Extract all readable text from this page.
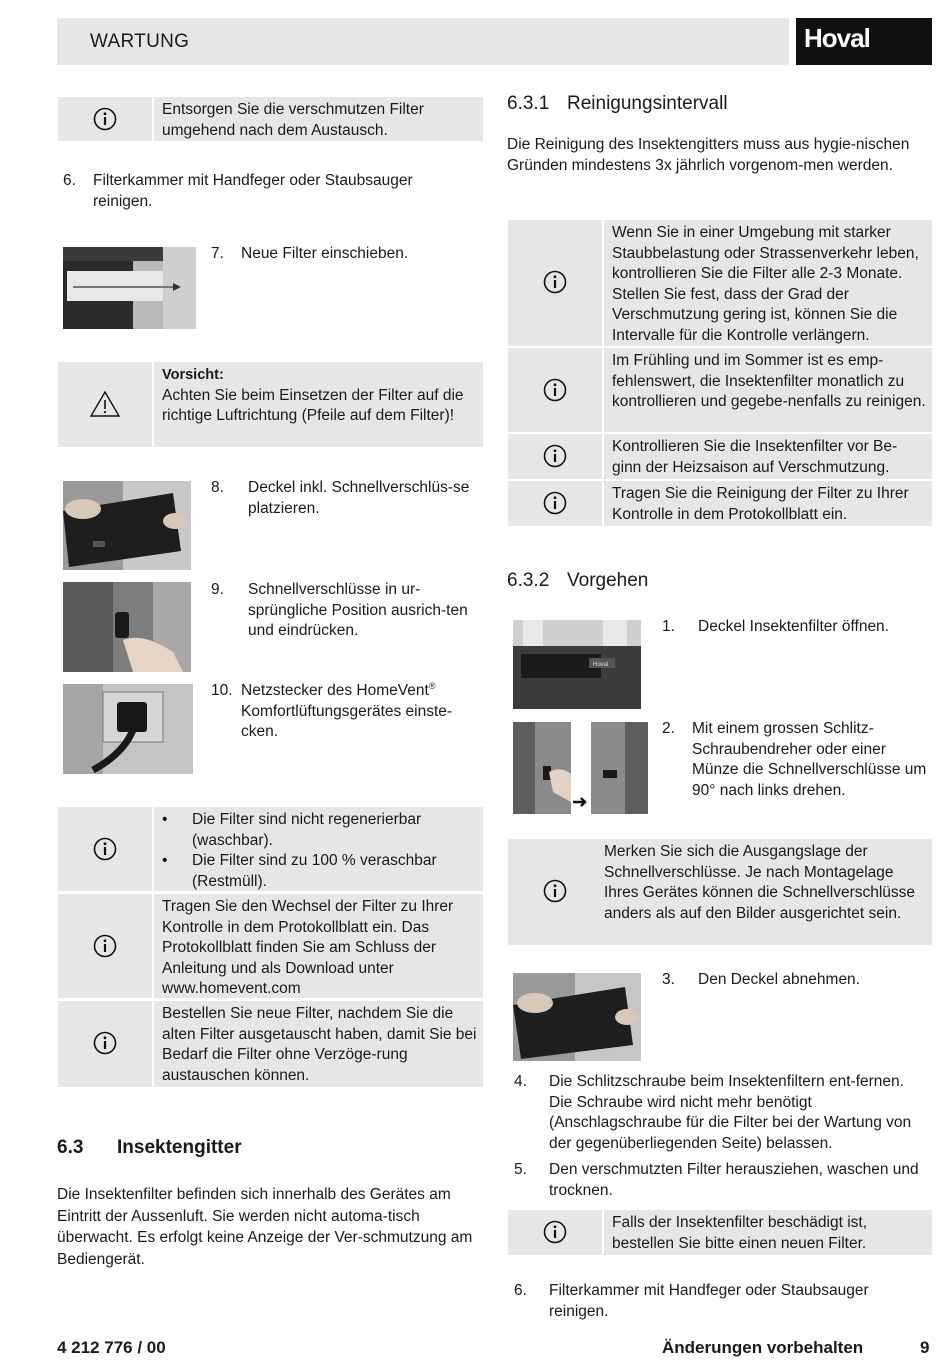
WARTUNG	Hoval
Entsorgen Sie die verschmutzen Filter umgehend nach dem Austausch.
6.	Filterkammer mit Handfeger oder Staubsauger reinigen.
7.	Neue Filter einschieben.
Vorsicht:
Achten Sie beim Einsetzen der Filter auf die richtige Luftrichtung (Pfeile auf dem Filter)!
8.	Deckel inkl. Schnellverschlüs-se platzieren.
9.	Schnellverschlüsse in ur-sprüngliche Position ausrich-ten und eindrücken.
10. Netzstecker des HomeVent®
Komfortlüftungsgerätes einste-cken.
• Die Filter sind nicht regenerierbar (waschbar).
• Die Filter sind zu 100 % veraschbar (Restmüll).
Tragen Sie den Wechsel der Filter zu Ihrer Kontrolle in dem Protokollblatt ein. Das Protokollblatt finden Sie am Schluss der Anleitung und als Download unter www.homevent.com
Bestellen Sie neue Filter, nachdem Sie die alten Filter ausgetauscht haben, damit Sie bei Bedarf die Filter ohne Verzöge-rung austauschen können.
6.3 Insektengitter
Die Insektenfilter befinden sich innerhalb des Gerätes am Eintritt der Aussenluft. Sie werden nicht automa-tisch überwacht. Es erfolgt keine Anzeige der Ver-schmutzung am Bediengerät.
6.3.1 Reinigungsintervall
Die Reinigung des Insektengitters muss aus hygie-nischen Gründen mindestens 3x jährlich vorgenom-men werden.
Wenn Sie in einer Umgebung mit starker Staubbelastung oder Strassenverkehr leben, kontrollieren Sie die Filter alle 2-3 Monate. Stellen Sie fest, dass der Grad der Verschmutzung gering ist, können Sie die Intervalle für die Kontrolle verlängern.
Im Frühling und im Sommer ist es emp-fehlenswert, die Insektenfilter monatlich zu kontrollieren und gegebe-nenfalls zu reinigen.
Kontrollieren Sie die Insektenfilter vor Be-ginn der Heizsaison auf Verschmutzung.
Tragen Sie die Reinigung der Filter zu Ihrer Kontrolle in dem Protokollblatt ein.
6.3.2 Vorgehen
Hoval
1.	Deckel Insektenfilter öffnen.
2.	Mit einem grossen Schlitz-Schraubendreher oder einer Münze die Schnellverschlüsse um 90° nach links drehen.
Merken Sie sich die Ausgangslage der Schnellverschlüsse. Je nach Montagelage Ihres Gerätes können die Schnellverschlüsse anders als auf den Bilder ausgerichtet sein.
3.	Den Deckel abnehmen.
4.	Die Schlitzschraube beim Insektenfiltern ent-fernen. Die Schraube wird nicht mehr benötigt (Anschlagschraube für die Filter bei der Wartung von der gegenüberliegenden Seite) belassen.
5.	Den verschmutzten Filter herausziehen, waschen und trocknen.
Falls der Insektenfilter beschädigt ist, bestellen Sie bitte einen neuen Filter.
6.	Filterkammer mit Handfeger oder Staubsauger reinigen.
4 212 776 / 00	Änderungen vorbehalten	9
